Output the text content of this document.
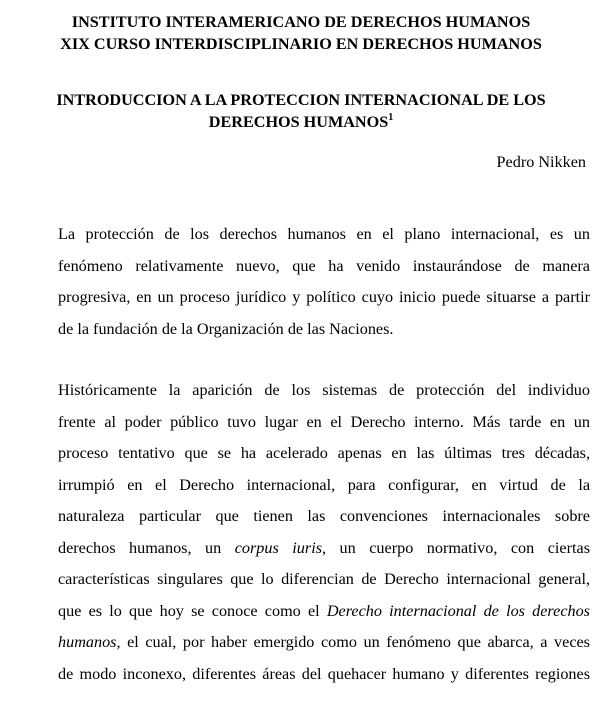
INSTITUTO INTERAMERICANO DE DERECHOS HUMANOS
XIX CURSO INTERDISCIPLINARIO EN DERECHOS HUMANOS
INTRODUCCION A LA PROTECCION INTERNACIONAL DE LOS
DERECHOS HUMANOS$^1$
Pedro Nikken
La protección de los derechos humanos en el plano internacional, es un
fenómeno relativamente nuevo, que ha venido instaurándose de manera
progresiva, en un proceso jurídico y político cuyo inicio puede situarse a partir
de la fundación de la Organización de las Naciones.
Históricamente la aparición de los sistemas de protección del individuo
frente al poder público tuvo lugar en el Derecho interno. Más tarde en un
proceso tentativo que se ha acelerado apenas en las últimas tres décadas,
irrumpió en el Derecho internacional, para configurar, en virtud de la
naturaleza particular que tienen las convenciones internacionales sobre
derechos humanos, un corpus iuris, un cuerpo normativo, con ciertas
características singulares que lo diferencian de Derecho internacional general,
que es lo que hoy se conoce como el Derecho internacional de los derechos
humanos, el cual, por haber emergido como un fenómeno que abarca, a veces
de modo inconexo, diferentes áreas del quehacer humano y diferentes regiones
